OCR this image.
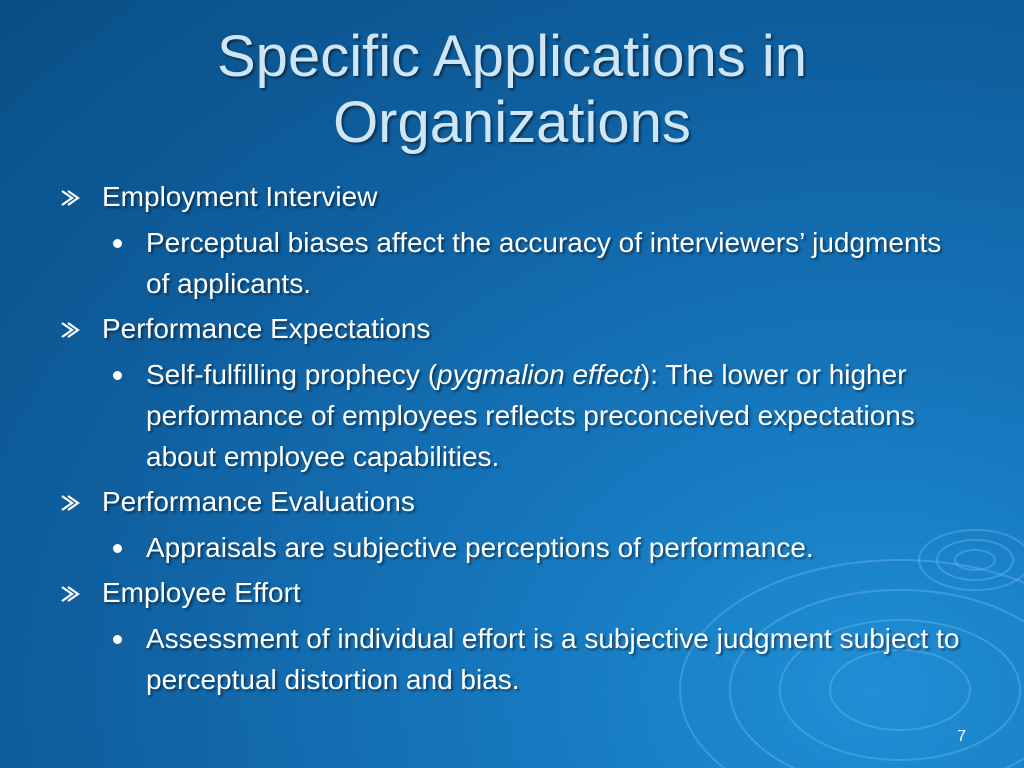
Specific Applications in
Organizations
Employment Interview
Perceptual biases affect the accuracy of interviewers’ judgments of applicants.
Performance Expectations
Self-fulfilling prophecy (pygmalion effect): The lower or higher performance of employees reflects preconceived expectations about employee capabilities.
Performance Evaluations
Appraisals are subjective perceptions of performance.
Employee Effort
Assessment of individual effort is a subjective judgment subject to perceptual distortion and bias.
7
